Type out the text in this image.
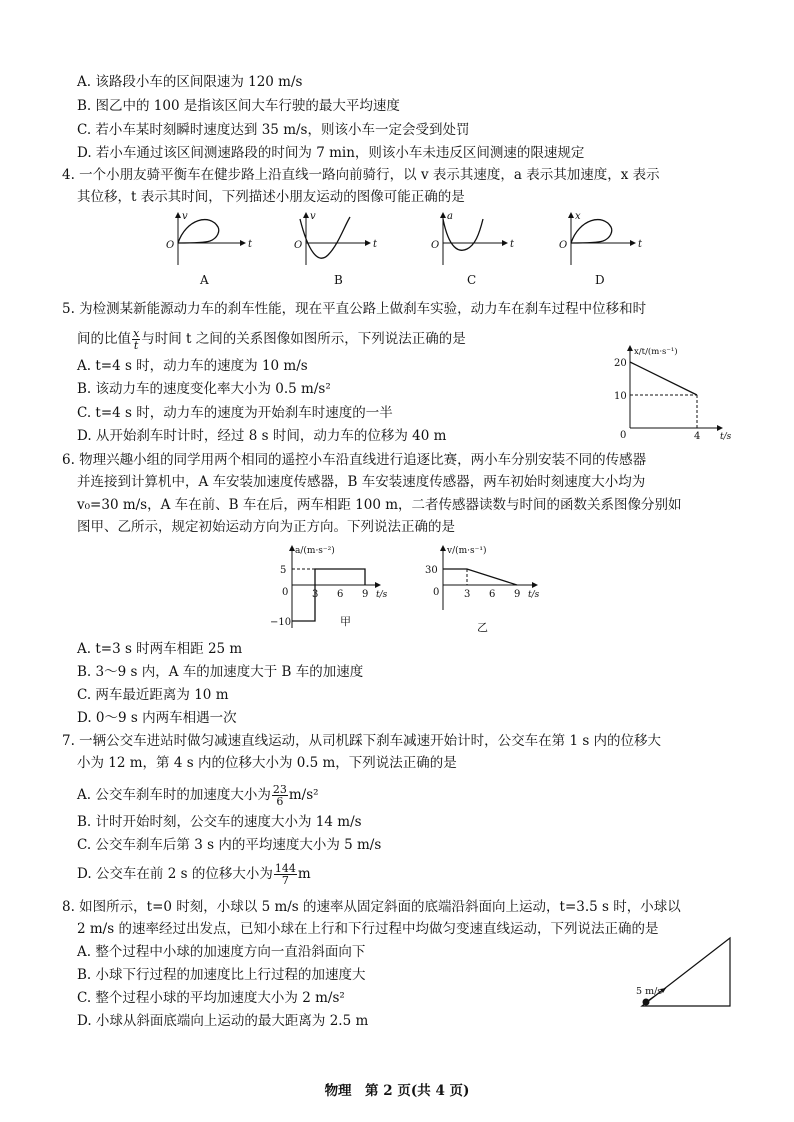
A. 该路段小车的区间限速为 120 m/s
B. 图乙中的 100 是指该区间大车行驶的最大平均速度
C. 若小车某时刻瞬时速度达到 35 m/s，则该小车一定会受到处罚
D. 若小车通过该区间测速路段的时间为 7 min，则该小车未违反区间测速的限速规定
4. 一个小朋友骑平衡车在健步路上沿直线一路向前骑行，以 v 表示其速度，a 表示其加速度，x 表示
其位移，t 表示其时间，下列描述小朋友运动的图像可能正确的是
v
O	t
A
v
O	t
B
a
O	t
C
x
O	t
D
5. 为检测某新能源动力车的刹车性能，现在平直公路上做刹车实验，动力车在刹车过程中位移和时
间的比值 $\frac{x}{t}$ 与时间 t 之间的关系图像如图所示，下列说法正确的是
A. t=4 s 时，动力车的速度为 10 m/s
B. 该动力车的速度变化率大小为 0.5 m/s²
C. t=4 s 时，动力车的速度为开始刹车时速度的一半
D. 从开始刹车时计时，经过 8 s 时间，动力车的位移为 40 m
x/t/(m·s⁻¹)
20
10
0	4 t/s
6. 物理兴趣小组的同学用两个相同的遥控小车沿直线进行追逐比赛，两小车分别安装不同的传感器
并连接到计算机中，A 车安装加速度传感器，B 车安装速度传感器，两车初始时刻速度大小均为
v₀=30 m/s，A 车在前、B 车在后，两车相距 100 m，二者传感器读数与时间的函数关系图像分别如
图甲、乙所示，规定初始运动方向为正方向。下列说法正确的是
a/(m·s⁻²)
5
−10
0 3 6 9 t/s
甲
v/(m·s⁻¹)
30
0 3 6 9 t/s
乙
A. t=3 s 时两车相距 25 m
B. 3～9 s 内，A 车的加速度大于 B 车的加速度
C. 两车最近距离为 10 m
D. 0～9 s 内两车相遇一次
7. 一辆公交车进站时做匀减速直线运动，从司机踩下刹车减速开始计时，公交车在第 1 s 内的位移大
小为 12 m，第 4 s 内的位移大小为 0.5 m，下列说法正确的是
A. 公交车刹车时的加速度大小为 $\frac{23}{6} m/s^2$
B. 计时开始时刻，公交车的速度大小为 14 m/s
C. 公交车刹车后第 3 s 内的平均速度大小为 5 m/s
D. 公交车在前 2 s 的位移大小为 $\frac{144}{7}$ m
8. 如图所示，t=0 时刻，小球以 5 m/s 的速率从固定斜面的底端沿斜面向上运动，t=3.5 s 时，小球以
2 m/s 的速率经过出发点，已知小球在上行和下行过程中均做匀变速直线运动，下列说法正确的是
A. 整个过程中小球的加速度方向一直沿斜面向下
B. 小球下行过程的加速度比上行过程的加速度大
C. 整个过程小球的平均加速度大小为 2 m/s²
D. 小球从斜面底端向上运动的最大距离为 2.5 m
5 m/s
物理　第 2 页(共 4 页)
